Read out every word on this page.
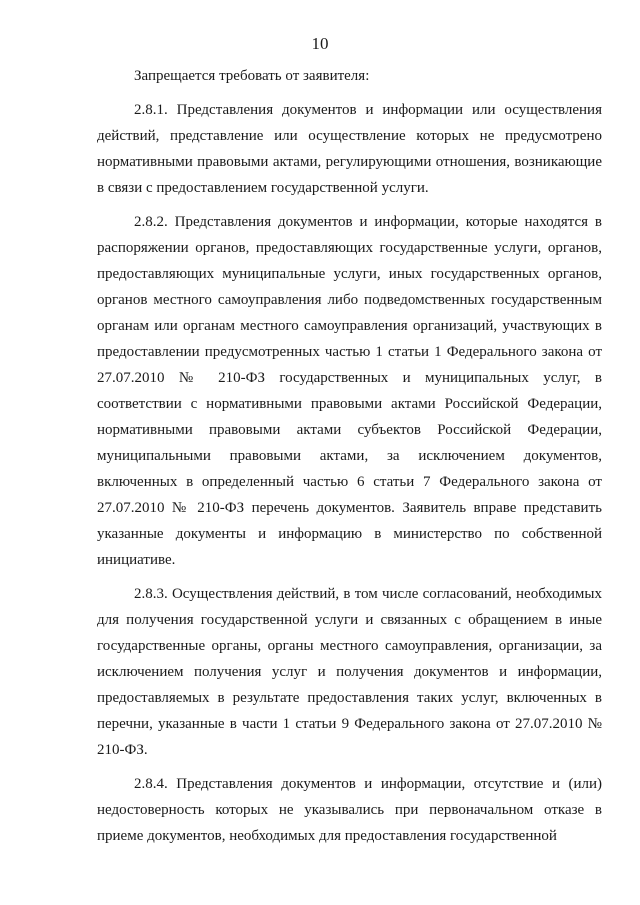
10

Запрещается требовать от заявителя:

2.8.1. Представления документов и информации или осуществления действий, представление или осуществление которых не предусмотрено нормативными правовыми актами, регулирующими отношения, возникающие в связи с предоставлением государственной услуги.

2.8.2. Представления документов и информации, которые находятся в распоряжении органов, предоставляющих государственные услуги, органов, предоставляющих муниципальные услуги, иных государственных органов, органов местного самоуправления либо подведомственных государственным органам или органам местного самоуправления организаций, участвующих в предоставлении предусмотренных частью 1 статьи 1 Федерального закона от 27.07.2010 № 210-ФЗ государственных и муниципальных услуг, в соответствии с нормативными правовыми актами Российской Федерации, нормативными правовыми актами субъектов Российской Федерации, муниципальными правовыми актами, за исключением документов, включенных в определенный частью 6 статьи 7 Федерального закона от 27.07.2010 № 210-ФЗ перечень документов. Заявитель вправе представить указанные документы и информацию в министерство по собственной инициативе.

2.8.3. Осуществления действий, в том числе согласований, необходимых для получения государственной услуги и связанных с обращением в иные государственные органы, органы местного самоуправления, организации, за исключением получения услуг и получения документов и информации, предоставляемых в результате предоставления таких услуг, включенных в перечни, указанные в части 1 статьи 9 Федерального закона от 27.07.2010 № 210-ФЗ.

2.8.4. Представления документов и информации, отсутствие и (или) недостоверность которых не указывались при первоначальном отказе в приеме документов, необходимых для предоставления государственной
